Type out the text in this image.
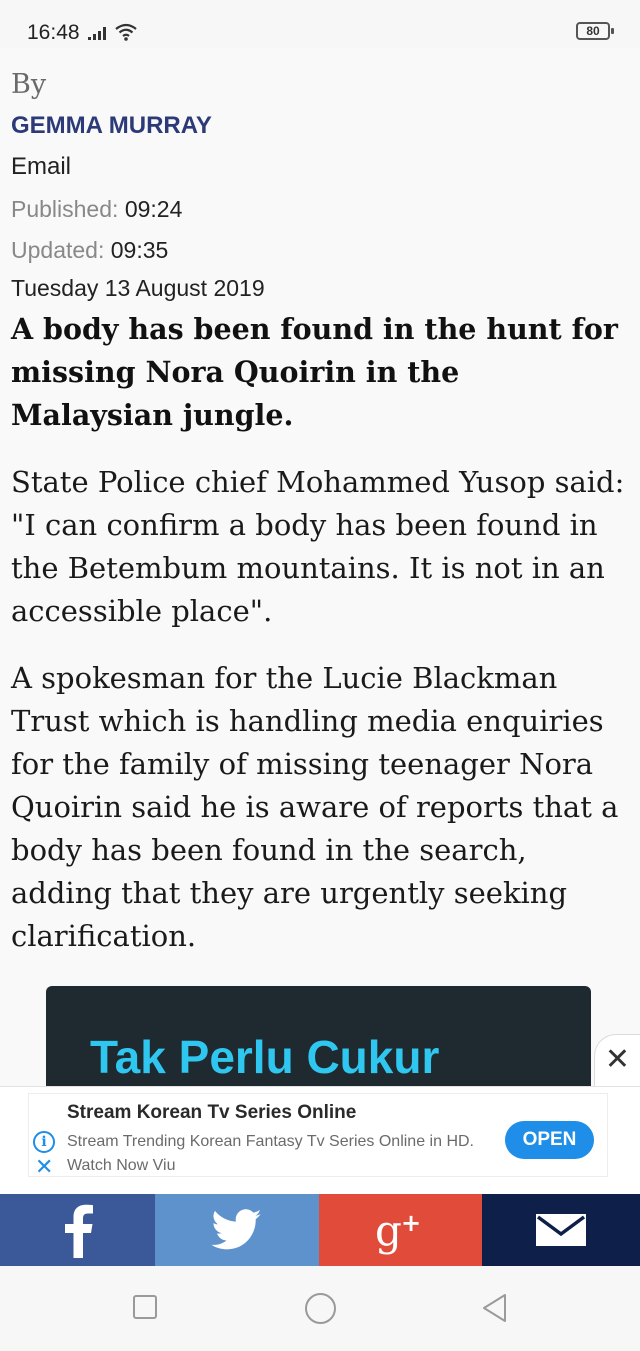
16:48	80
By
GEMMA MURRAY
Email
Published: 09:24
Updated: 09:35
Tuesday 13 August 2019
A body has been found in the hunt for missing Nora Quoirin in the Malaysian jungle.
State Police chief Mohammed Yusop said: "I can confirm a body has been found in the Betembum mountains. It is not in an accessible place".
A spokesman for the Lucie Blackman Trust which is handling media enquiries for the family of missing teenager Nora Quoirin said he is aware of reports that a body has been found in the search, adding that they are urgently seeking clarification.
Tak Perlu Cukur	✕
i
✕
Stream Korean Tv Series Online
Stream Trending Korean Fantasy Tv Series Online in HD. Watch Now Viu
OPEN
g +
